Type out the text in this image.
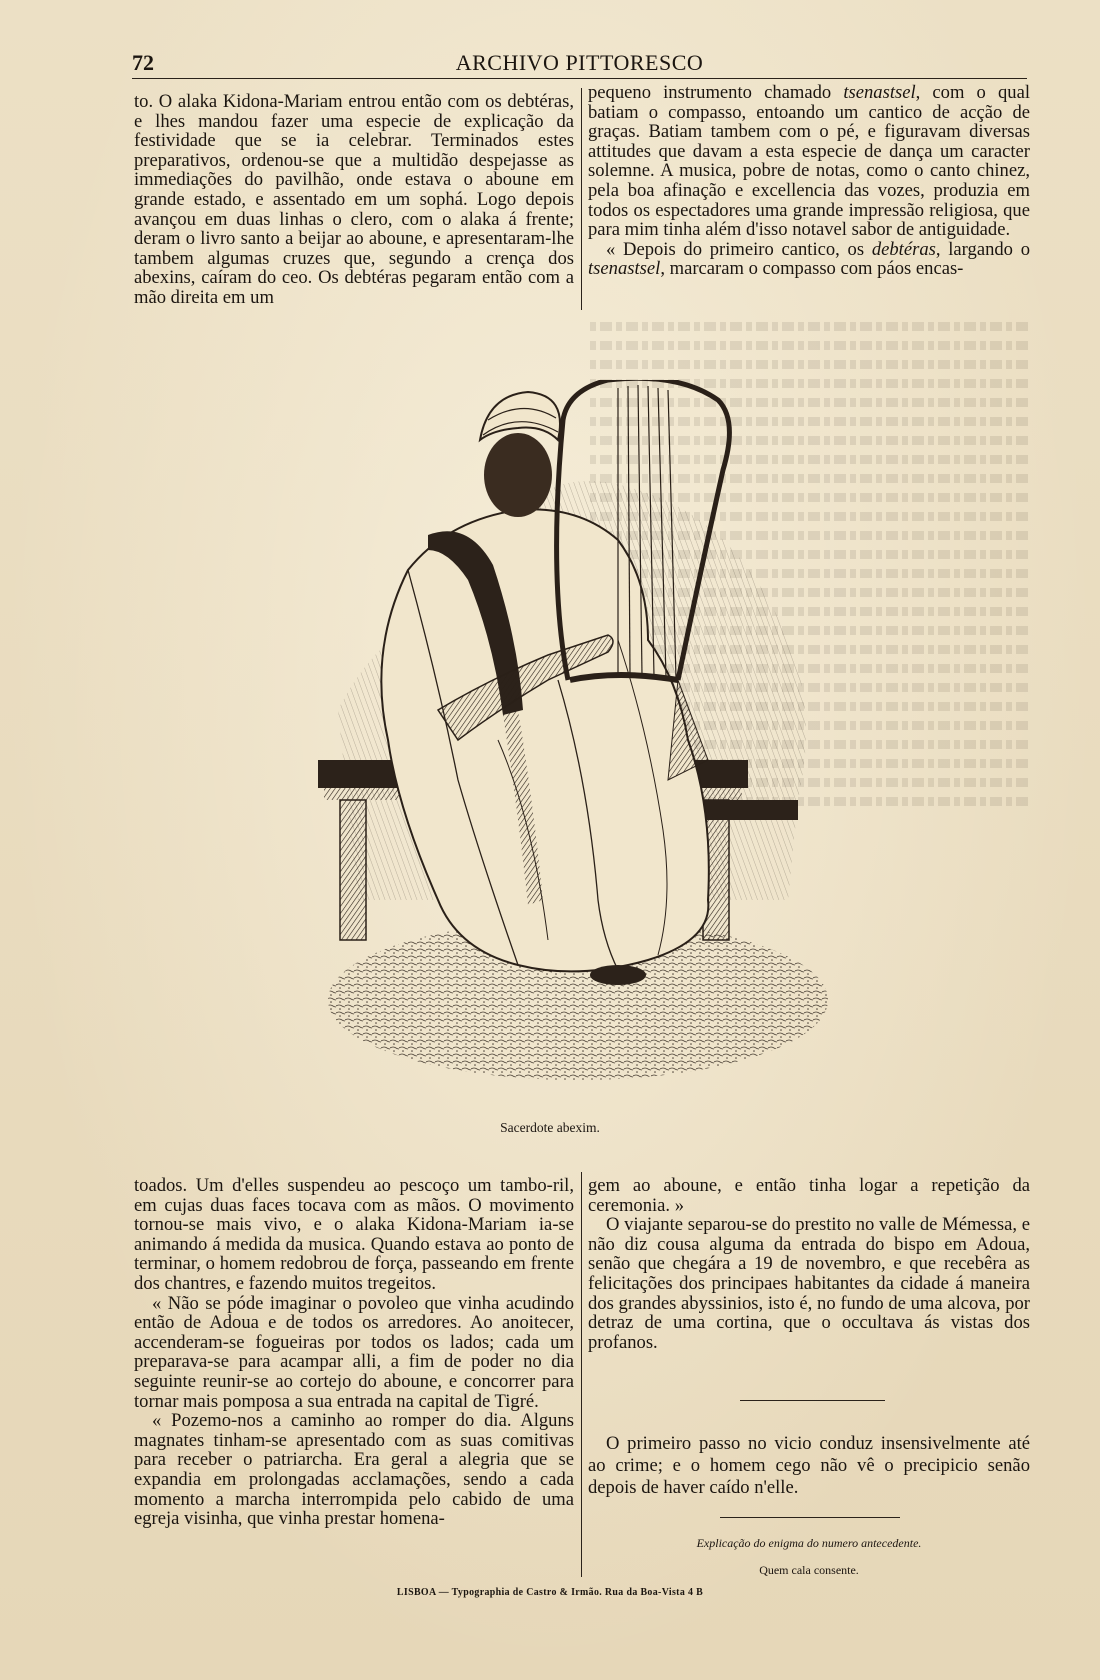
72	ARCHIVO PITTORESCO

to. O alaka Kidona-Mariam entrou então com os debtéras, e lhes mandou fazer uma especie de explicação da festividade que se ia celebrar. Terminados estes preparativos, ordenou-se que a multidão despejasse as immediações do pavilhão, onde estava o aboune em grande estado, e assentado em um sophá. Logo depois avançou em duas linhas o clero, com o alaka á frente; deram o livro santo a beijar ao aboune, e apresentaram-lhe tambem algumas cruzes que, segundo a crença dos abexins, caíram do ceo. Os debtéras pegaram então com a mão direita em um

pequeno instrumento chamado tsenastsel, com o qual batiam o compasso, entoando um cantico de acção de graças. Batiam tambem com o pé, e figuravam diversas attitudes que davam a esta especie de dança um caracter solemne. A musica, pobre de notas, como o canto chinez, pela boa afinação e excellencia das vozes, produzia em todos os espectadores uma grande impressão religiosa, que para mim tinha além d'isso notavel sabor de antiguidade.

« Depois do primeiro cantico, os debtéras, largando o tsenastsel, marcaram o compasso com páos encas-

Sacerdote abexim.

toados. Um d'elles suspendeu ao pescoço um tambo-ril, em cujas duas faces tocava com as mãos. O movimento tornou-se mais vivo, e o alaka Kidona-Mariam ia-se animando á medida da musica. Quando estava ao ponto de terminar, o homem redobrou de força, passeando em frente dos chantres, e fazendo muitos tregeitos.

« Não se póde imaginar o povoleo que vinha acudindo então de Adoua e de todos os arredores. Ao anoitecer, accenderam-se fogueiras por todos os lados; cada um preparava-se para acampar alli, a fim de poder no dia seguinte reunir-se ao cortejo do aboune, e concorrer para tornar mais pomposa a sua entrada na capital de Tigré.

« Pozemo-nos a caminho ao romper do dia. Alguns magnates tinham-se apresentado com as suas comitivas para receber o patriarcha. Era geral a alegria que se expandia em prolongadas acclamações, sendo a cada momento a marcha interrompida pelo cabido de uma egreja visinha, que vinha prestar homena-

gem ao aboune, e então tinha logar a repetição da ceremonia. »

O viajante separou-se do prestito no valle de Mémessa, e não diz cousa alguma da entrada do bispo em Adoua, senão que chegára a 19 de novembro, e que recebêra as felicitações dos principaes habitantes da cidade á maneira dos grandes abyssinios, isto é, no fundo de uma alcova, por detraz de uma cortina, que o occultava ás vistas dos profanos.

O primeiro passo no vicio conduz insensivelmente até ao crime; e o homem cego não vê o precipicio senão depois de haver caído n'elle.

Explicação do enigma do numero antecedente.
Quem cala consente.
LISBOA — Typographia de Castro & Irmão. Rua da Boa-Vista 4 B
